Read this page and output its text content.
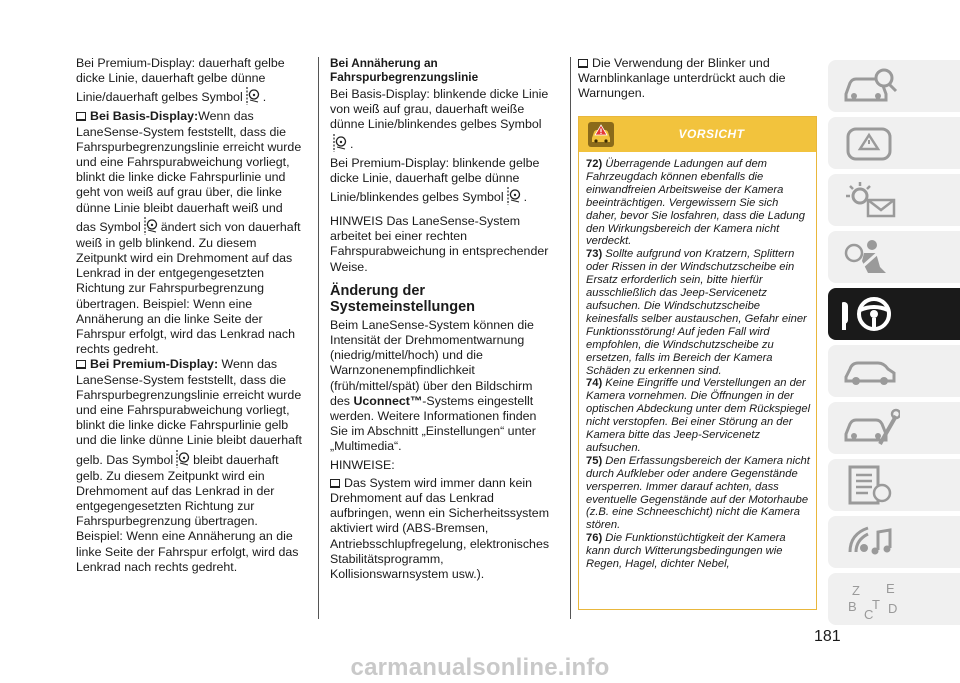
Bei Premium-Display: dauerhaft gelbe dicke Linie, dauerhaft gelbe dünne Linie/dauerhaft gelbes Symbol .

Bei Basis-Display:Wenn das LaneSense-System feststellt, dass die Fahrspurbegrenzungslinie erreicht wurde und eine Fahrspurabweichung vorliegt, blinkt die linke dicke Fahrspurlinie und geht von weiß auf grau über, die linke dünne Linie bleibt dauerhaft weiß und das Symbol ändert sich von dauerhaft weiß in gelb blinkend. Zu diesem Zeitpunkt wird ein Drehmoment auf das Lenkrad in der entgegengesetzten Richtung zur Fahrspurbegrenzung übertragen. Beispiel: Wenn eine Annäherung an die linke Seite der Fahrspur erfolgt, wird das Lenkrad nach rechts gedreht.
Bei Premium-Display: Wenn das LaneSense-System feststellt, dass die Fahrspurbegrenzungslinie erreicht wurde und eine Fahrspurabweichung vorliegt, blinkt die linke dicke Fahrspurlinie gelb und die linke dünne Linie bleibt dauerhaft gelb. Das Symbol bleibt dauerhaft gelb. Zu diesem Zeitpunkt wird ein Drehmoment auf das Lenkrad in der entgegengesetzten Richtung zur Fahrspurbegrenzung übertragen. Beispiel: Wenn eine Annäherung an die linke Seite der Fahrspur erfolgt, wird das Lenkrad nach rechts gedreht.

Bei Annäherung an Fahrspurbegrenzungslinie

Bei Basis-Display: blinkende dicke Linie von weiß auf grau, dauerhaft weiße dünne Linie/blinkendes gelbes Symbol.

Bei Premium-Display: blinkende gelbe dicke Linie, dauerhaft gelbe dünne Linie/blinkendes gelbes Symbol .

HINWEIS Das LaneSense-System arbeitet bei einer rechten Fahrspurabweichung in entsprechender Weise.

Änderung der Systemeinstellungen

Beim LaneSense-System können die Intensität der Drehmomentwarnung (niedrig/mittel/hoch) und die Warnzonenempfindlichkeit (früh/mittel/spät) über den Bildschirm des Uconnect™-Systems eingestellt werden. Weitere Informationen finden Sie im Abschnitt „Einstellungen“ unter „Multimedia“.

HINWEISE:

Das System wird immer dann kein Drehmoment auf das Lenkrad aufbringen, wenn ein Sicherheitssystem aktiviert wird (ABS-Bremsen, Antriebsschlupfregelung, elektronisches Stabilitätsprogramm, Kollisionswarnsystem usw.).

Die Verwendung der Blinker und Warnblinkanlage unterdrückt auch die Warnungen.

VORSICHT

72) Überragende Ladungen auf dem Fahrzeugdach können ebenfalls die einwandfreien Arbeitsweise der Kamera beeinträchtigen. Vergewissern Sie sich daher, bevor Sie losfahren, dass die Ladung den Wirkungsbereich der Kamera nicht verdeckt.

73) Sollte aufgrund von Kratzern, Splittern oder Rissen in der Windschutzscheibe ein Ersatz erforderlich sein, bitte hierfür ausschließlich das Jeep-Servicenetz aufsuchen. Die Windschutzscheibe keinesfalls selber austauschen, Gefahr einer Funktionsstörung! Auf jeden Fall wird empfohlen, die Windschutzscheibe zu ersetzen, falls im Bereich der Kamera Schäden zu erkennen sind.

74) Keine Eingriffe und Verstellungen an der Kamera vornehmen. Die Öffnungen in der optischen Abdeckung unter dem Rückspiegel nicht verstopfen. Bei einer Störung an der Kamera bitte das Jeep-Servicenetz aufsuchen.

75) Den Erfassungsbereich der Kamera nicht durch Aufkleber oder andere Gegenstände versperren. Immer darauf achten, dass eventuelle Gegenstände auf der Motorhaube (z.B. eine Schneeschicht) nicht die Kamera stören.

76) Die Funktionstüchtigkeit der Kamera kann durch Witterungsbedingungen wie Regen, Hagel, dichter Nebel,

Z E
B
C D
T
181
carmanualsonline.info
